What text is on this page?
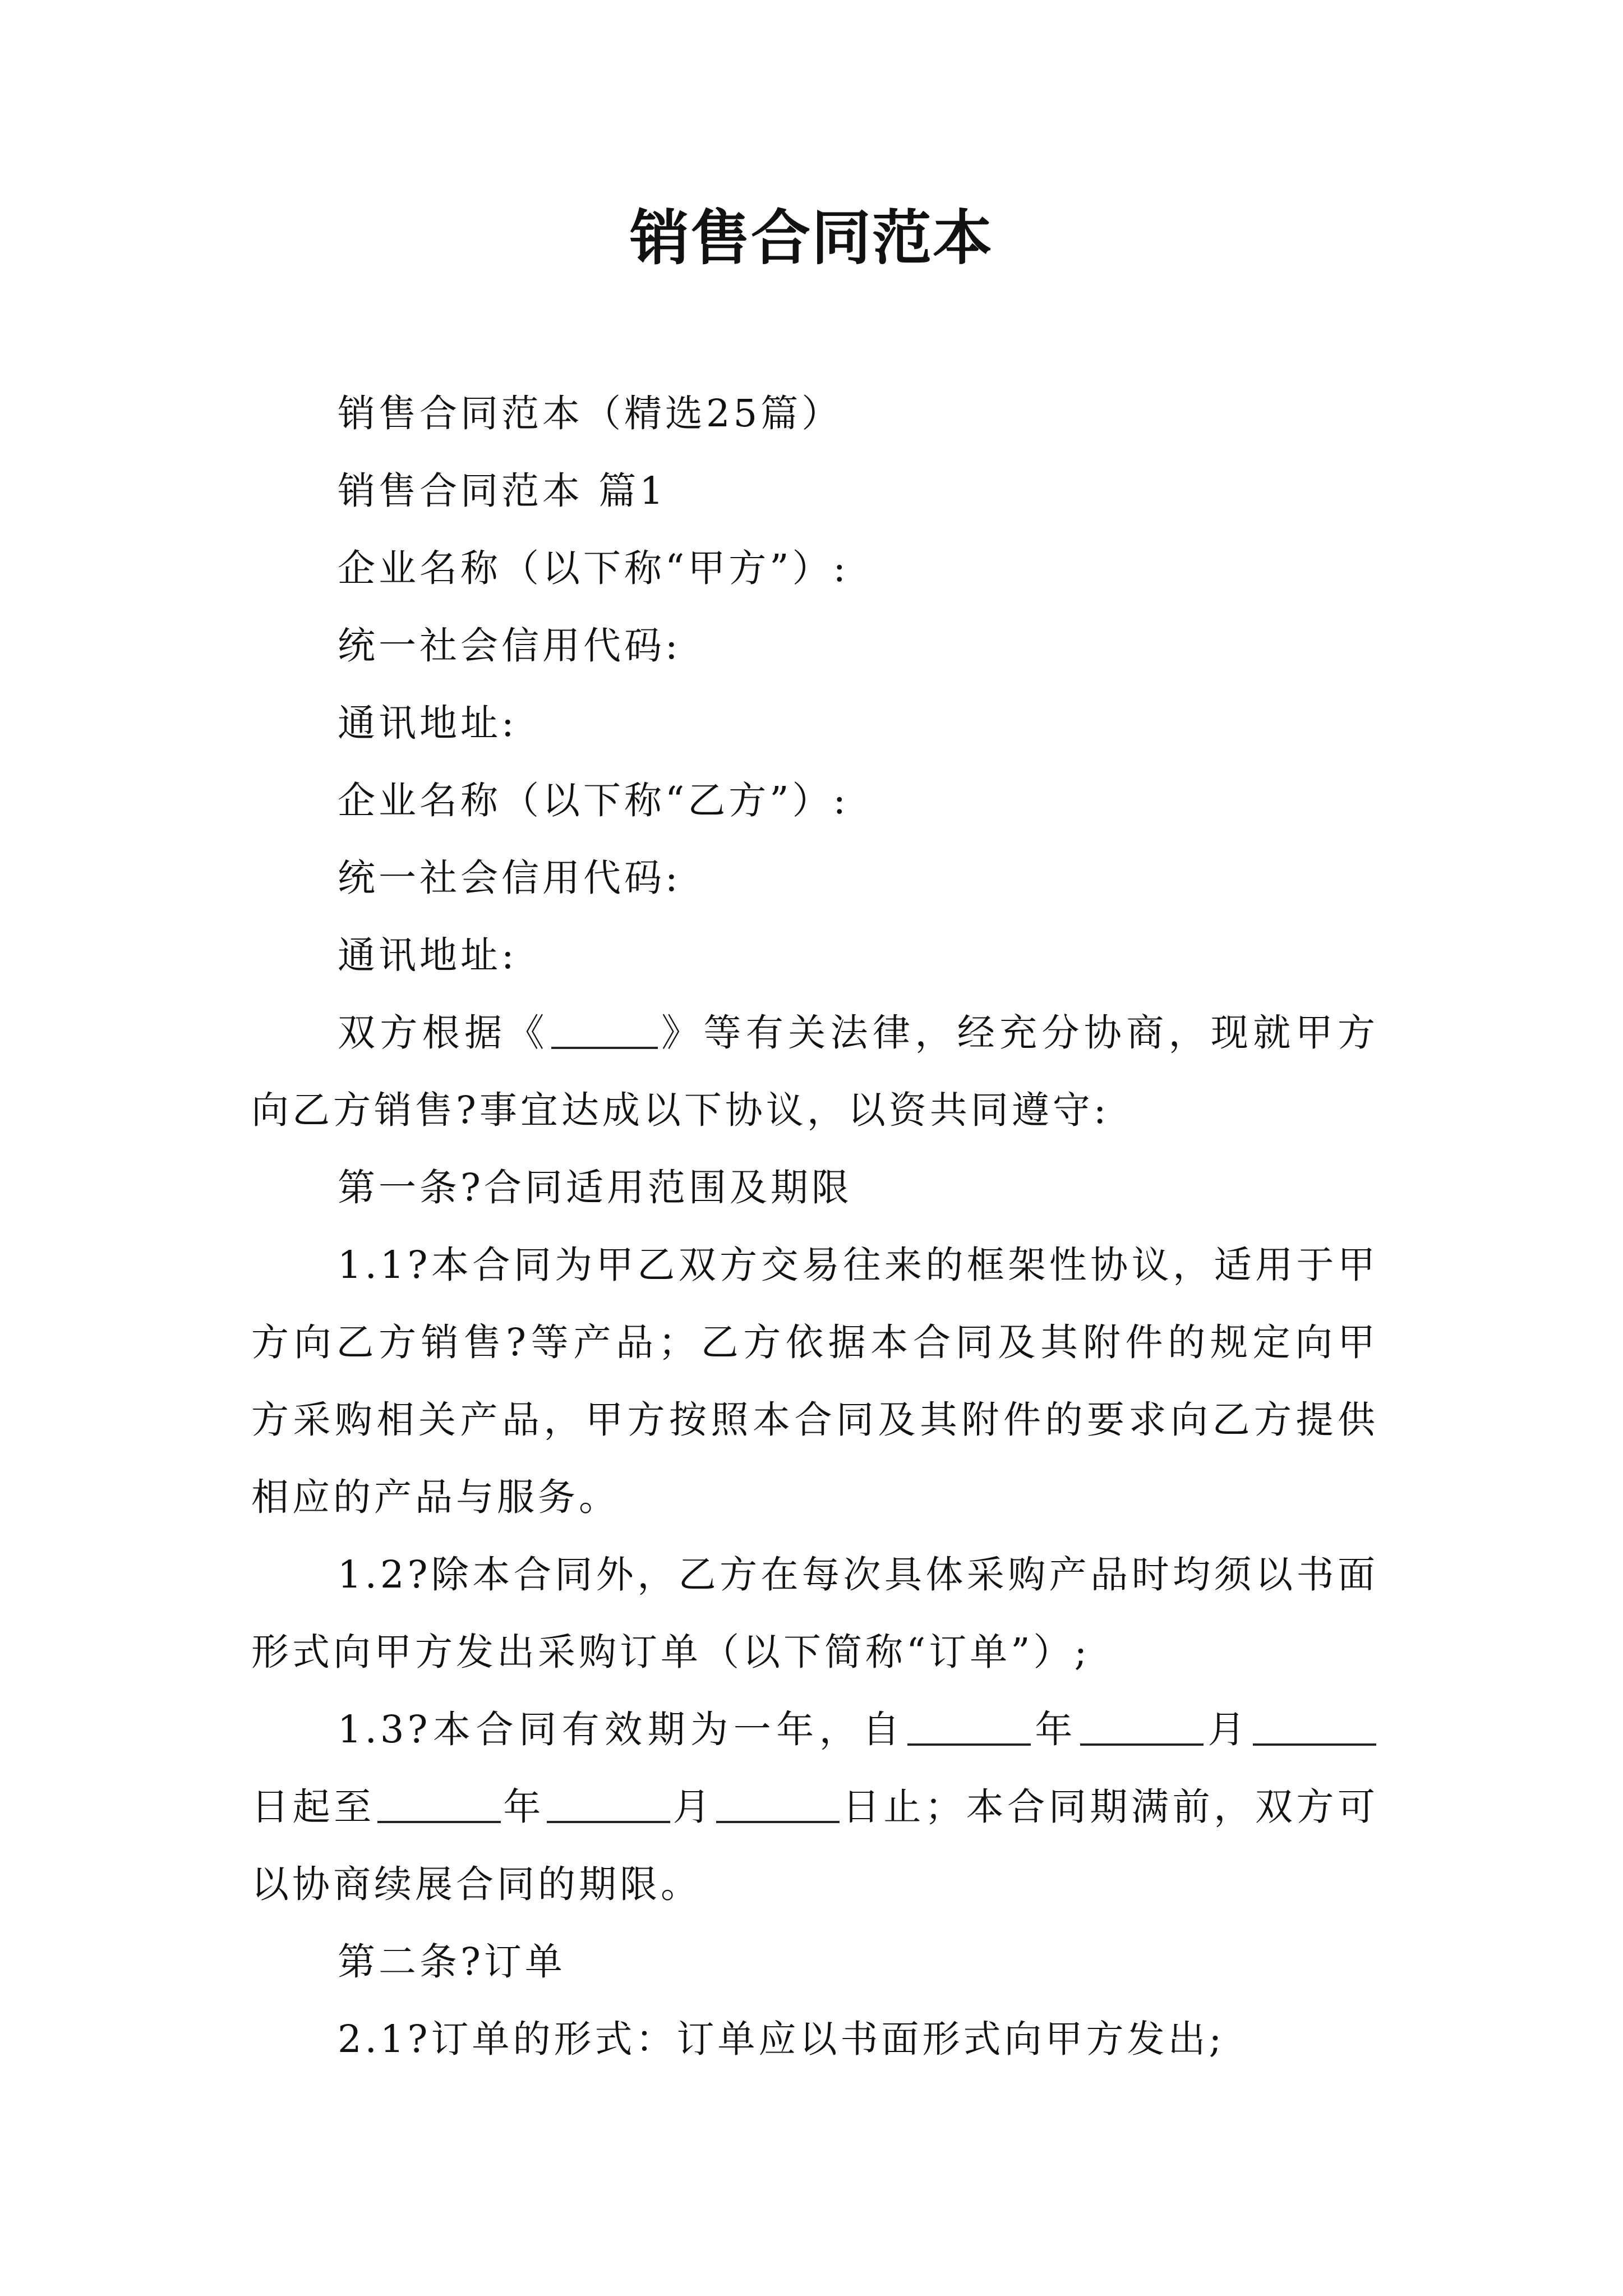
销售合同范本

销售合同范本（精选25篇）

销售合同范本 篇1

企业名称（以下称“甲方”）:

统一社会信用代码:

通讯地址:

企业名称（以下称“乙方”）:

统一社会信用代码:

通讯地址:

双方根据《	》等有关法律，经充分协商，现就甲方向乙方销售?事宜达成以下协议，以资共同遵守:

第一条?合同适用范围及期限

1.1?本合同为甲乙双方交易往来的框架性协议，适用于甲方向乙方销售?等产品；乙方依据本合同及其附件的规定向甲方采购相关产品，甲方按照本合同及其附件的要求向乙方提供相应的产品与服务。

1.2?除本合同外，乙方在每次具体采购产品时均须以书面形式向甲方发出采购订单（以下简称“订单”）;

1.3?本合同有效期为一年，自	年	月日起至	年	月	日止；本合同期满前，双方可以协商续展合同的期限。

第二条?订单

2.1?订单的形式：订单应以书面形式向甲方发出;
